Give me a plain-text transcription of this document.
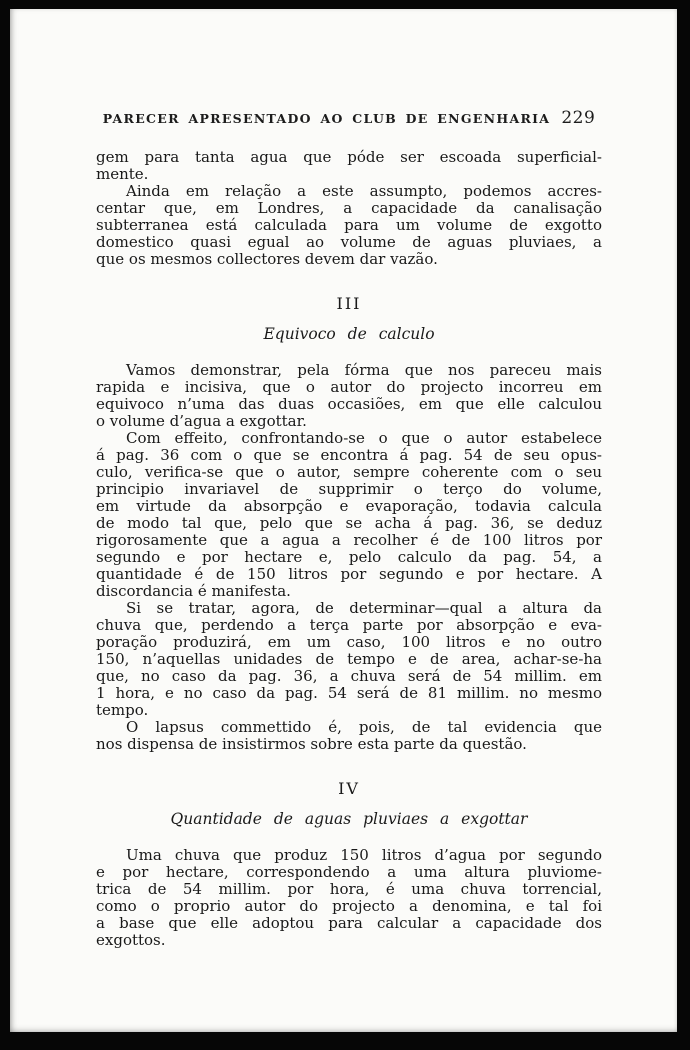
PARECER APRESENTADO AO CLUB DE ENGENHARIA 229
gem para tanta agua que póde ser escoada superficial-
mente.
Ainda em relação a este assumpto, podemos accres-
centar que, em Londres, a capacidade da canalisação
subterranea está calculada para um volume de exgotto
domestico quasi egual ao volume de aguas pluviaes, a
que os mesmos collectores devem dar vazão.
III
Equivoco de calculo
Vamos demonstrar, pela fórma que nos pareceu mais
rapida e incisiva, que o autor do projecto incorreu em
equivoco n’uma das duas occasiões, em que elle calculou
o volume d’agua a exgottar.
Com effeito, confrontando-se o que o autor estabelece
á pag. 36 com o que se encontra á pag. 54 de seu opus-
culo, verifica-se que o autor, sempre coherente com o seu
principio invariavel de supprimir o terço do volume,
em virtude da absorpção e evaporação, todavia calcula
de modo tal que, pelo que se acha á pag. 36, se deduz
rigorosamente que a agua a recolher é de 100 litros por
segundo e por hectare e, pelo calculo da pag. 54, a
quantidade é de 150 litros por segundo e por hectare. A
discordancia é manifesta.
Si se tratar, agora, de determinar—qual a altura da
chuva que, perdendo a terça parte por absorpção e eva-
poração produzirá, em um caso, 100 litros e no outro
150, n’aquellas unidades de tempo e de area, achar-se-ha
que, no caso da pag. 36, a chuva será de 54 millim. em
1 hora, e no caso da pag. 54 será de 81 millim. no mesmo
tempo.
O lapsus commettido é, pois, de tal evidencia que
nos dispensa de insistirmos sobre esta parte da questão.
IV
Quantidade de aguas pluviaes a exgottar
Uma chuva que produz 150 litros d’agua por segundo
e por hectare, correspondendo a uma altura pluviome-
trica de 54 millim. por hora, é uma chuva torrencial,
como o proprio autor do projecto a denomina, e tal foi
a base que elle adoptou para calcular a capacidade dos
exgottos.
